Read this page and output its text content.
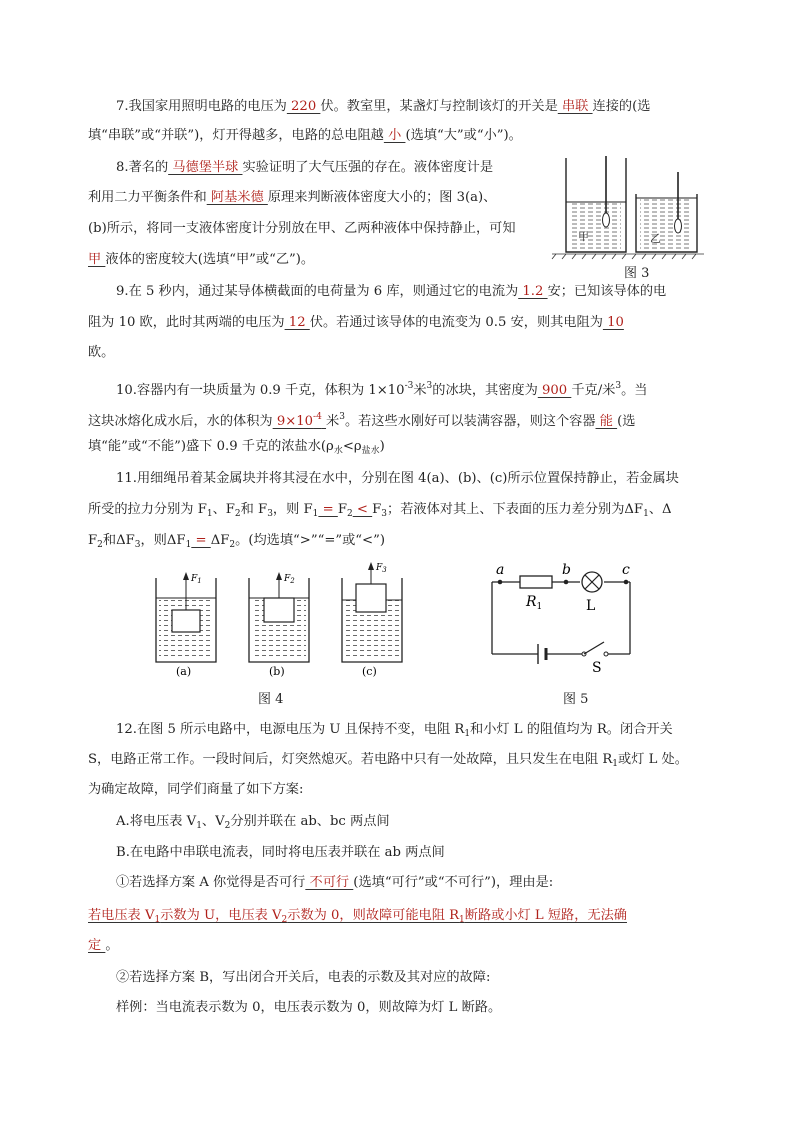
7.我国家用照明电路的电压为 220 伏。教室里，某盏灯与控制该灯的开关是 串联 连接的(选
填“串联”或“并联”)，灯开得越多，电路的总电阻越 小 (选填“大”或“小”)。
8.著名的 马德堡半球 实验证明了大气压强的存在。液体密度计是
利用二力平衡条件和 阿基米德 原理来判断液体密度大小的；图 3(a)、
(b)所示，将同一支液体密度计分别放在甲、乙两种液体中保持静止，可知
甲 液体的密度较大(选填“甲”或“乙”)。
甲	乙
图 3
9.在 5 秒内，通过某导体横截面的电荷量为 6 库，则通过它的电流为 1.2 安；已知该导体的电
阻为 10 欧，此时其两端的电压为 12 伏。若通过该导体的电流变为 0.5 安，则其电阻为 10
欧。
10.容器内有一块质量为 0.9 千克，体积为 $1\times 10^{-3}$米$^3$的冰块，其密度为 900 千克/米$^3$。当
这块冰熔化成水后，水的体积为 $9\times 10^{-4}$ 米$^3$。若这些水刚好可以装满容器，则这个容器 能 (选
填“能”或“不能”)盛下 0.9 千克的浓盐水$(\rho_水<\rho_{盐水})$
11.用细绳吊着某金属块并将其浸在水中，分别在图 4(a)、(b)、(c)所示位置保持静止，若金属块
所受的拉力分别为 $F_1$、$F_2$和 $F_3$，则 $F_1 = F_2 < F_3$；若液体对其上、下表面的压力差分别为$\Delta F_1$、Δ
$F_2$和$\Delta F_3$，则$\Delta F_1 = \Delta F_2$。(均选填“>”“=”或“<”)
$F_1$	$F_2$
$F_3$
(a)	(b)	(c)
图 4
a	b	c
$R_1$	L
S
图 5
12.在图 5 所示电路中，电源电压为 U 且保持不变，电阻 $R_1$和小灯 L 的阻值均为 R。闭合开关
S，电路正常工作。一段时间后，灯突然熄灭。若电路中只有一处故障，且只发生在电阻 $R_1$或灯 L 处。
为确定故障，同学们商量了如下方案:
A.将电压表 $V_1$、$V_2$分别并联在 ab、bc 两点间
B.在电路中串联电流表，同时将电压表并联在 ab 两点间
①若选择方案 A 你觉得是否可行 不可行 (选填“可行”或“不可行”)，理由是:
若电压表 $V_1$示数为 U，电压表 $V_2$示数为 0，则故障可能电阻 $R_1$断路或小灯 L 短路，无法确
定 。
②若选择方案 B，写出闭合开关后，电表的示数及其对应的故障:
样例：当电流表示数为 0，电压表示数为 0，则故障为灯 L 断路。
